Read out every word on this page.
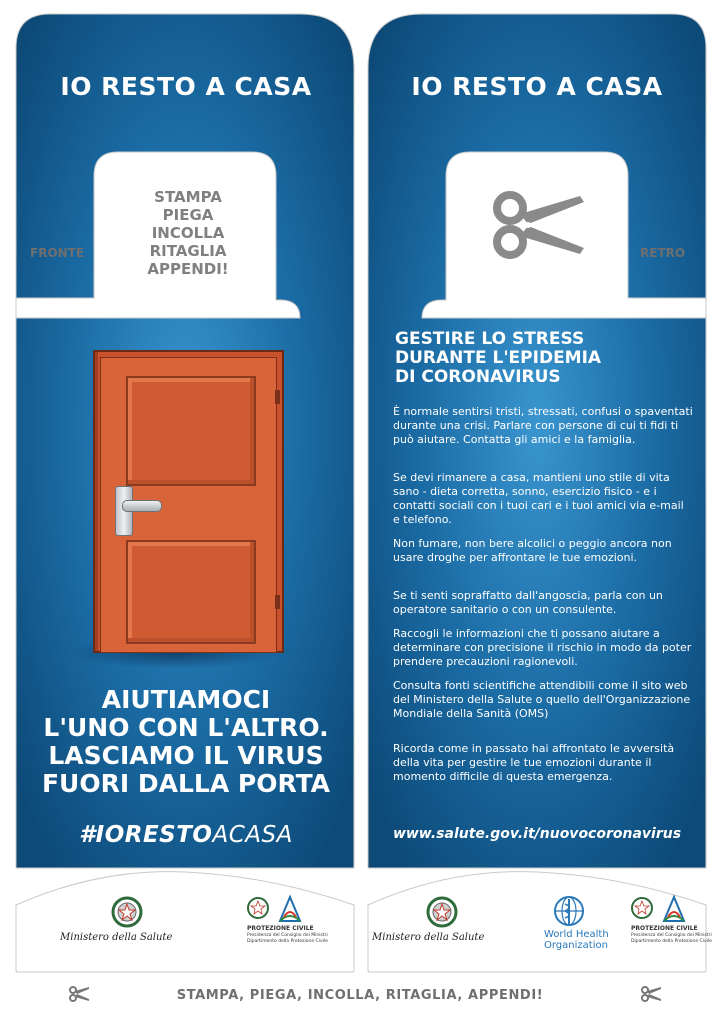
IO RESTO A CASA
FRONTE
STAMPA
PIEGA
INCOLLA
RITAGLIA
APPENDI!
AIUTIAMOCI
L'UNO CON L'ALTRO.
LASCIAMO IL VIRUS
FUORI DALLA PORTA
#IORESTOACASA
Ministero della Salute
PROTEZIONE CIVILE
Presidenza del Consiglio dei Ministri
Dipartimento della Protezione Civile
IO RESTO A CASA
RETRO
GESTIRE LO STRESS
DURANTE L'EPIDEMIA
DI CORONAVIRUS
È normale sentirsi tristi, stressati, confusi o spaventati durante una crisi. Parlare con persone di cui ti fidi ti può aiutare. Contatta gli amici e la famiglia.
Se devi rimanere a casa, mantieni uno stile di vita sano - dieta corretta, sonno, esercizio fisico - e i contatti sociali con i tuoi cari e i tuoi amici via e-mail e telefono.
Non fumare, non bere alcolici o peggio ancora non usare droghe per affrontare le tue emozioni.
Se ti senti sopraffatto dall'angoscia, parla con un operatore sanitario o con un consulente.
Raccogli le informazioni che ti possano aiutare a determinare con precisione il rischio in modo da poter prendere precauzioni ragionevoli.
Consulta fonti scientifiche attendibili come il sito web del Ministero della Salute o quello dell'Organizzazione Mondiale della Sanità (OMS)
Ricorda come in passato hai affrontato le avversità della vita per gestire le tue emozioni durante il momento difficile di questa emergenza.
www.salute.gov.it/nuovocoronavirus
Ministero della Salute	World Health
Organization
PROTEZIONE CIVILE
Presidenza del Consiglio dei Ministri
Dipartimento della Protezione Civile
STAMPA, PIEGA, INCOLLA, RITAGLIA, APPENDI!
